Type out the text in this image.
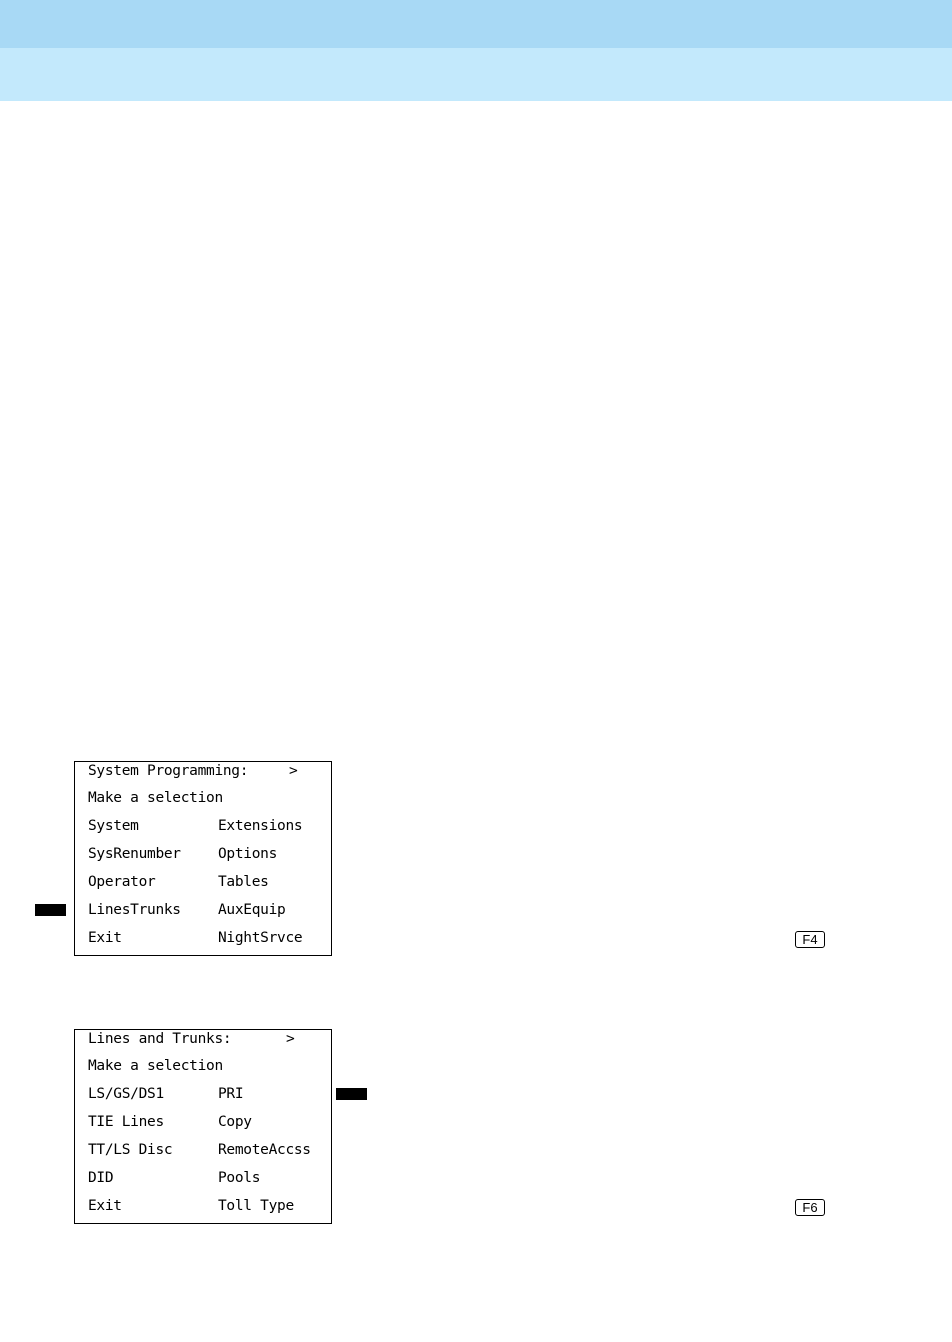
System Programming:	>
Make a selection
System	Extensions
SysRenumber	Options
Operator	Tables
LinesTrunks	AuxEquip
Exit	NightSrvce	F4
Lines and Trunks:	>
Make a selection
LS/GS/DS1	PRI
TIE Lines	Copy
TT/LS Disc	RemoteAccss
DID	Pools
Exit	Toll Type	F6
